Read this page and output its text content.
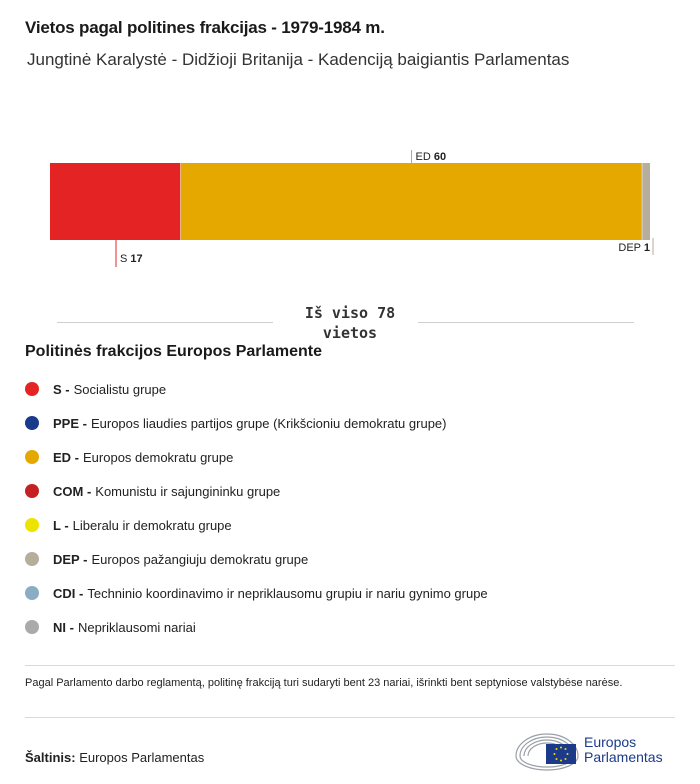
Vietos pagal politines frakcijas - 1979-1984 m.
Jungtinė Karalystė - Didžioji Britanija - Kadenciją baigiantis Parlamentas
S 17
ED 60
DEP 1
Iš viso 78
vietos
Politinės frakcijos Europos Parlamente
S - Socialistu grupe
PPE - Europos liaudies partijos grupe (Krikšcioniu demokratu grupe)
ED - Europos demokratu grupe
COM - Komunistu ir sajungininku grupe
L - Liberalu ir demokratu grupe
DEP - Europos pažangiuju demokratu grupe
CDI - Techninio koordinavimo ir nepriklausomu grupiu ir nariu gynimo grupe
NI - Nepriklausomi nariai
Pagal Parlamento darbo reglamentą, politinę frakciją turi sudaryti bent 23 nariai, išrinkti bent septyniose valstybėse narėse.
Šaltinis: Europos Parlamentas
Europos
Parlamentas
